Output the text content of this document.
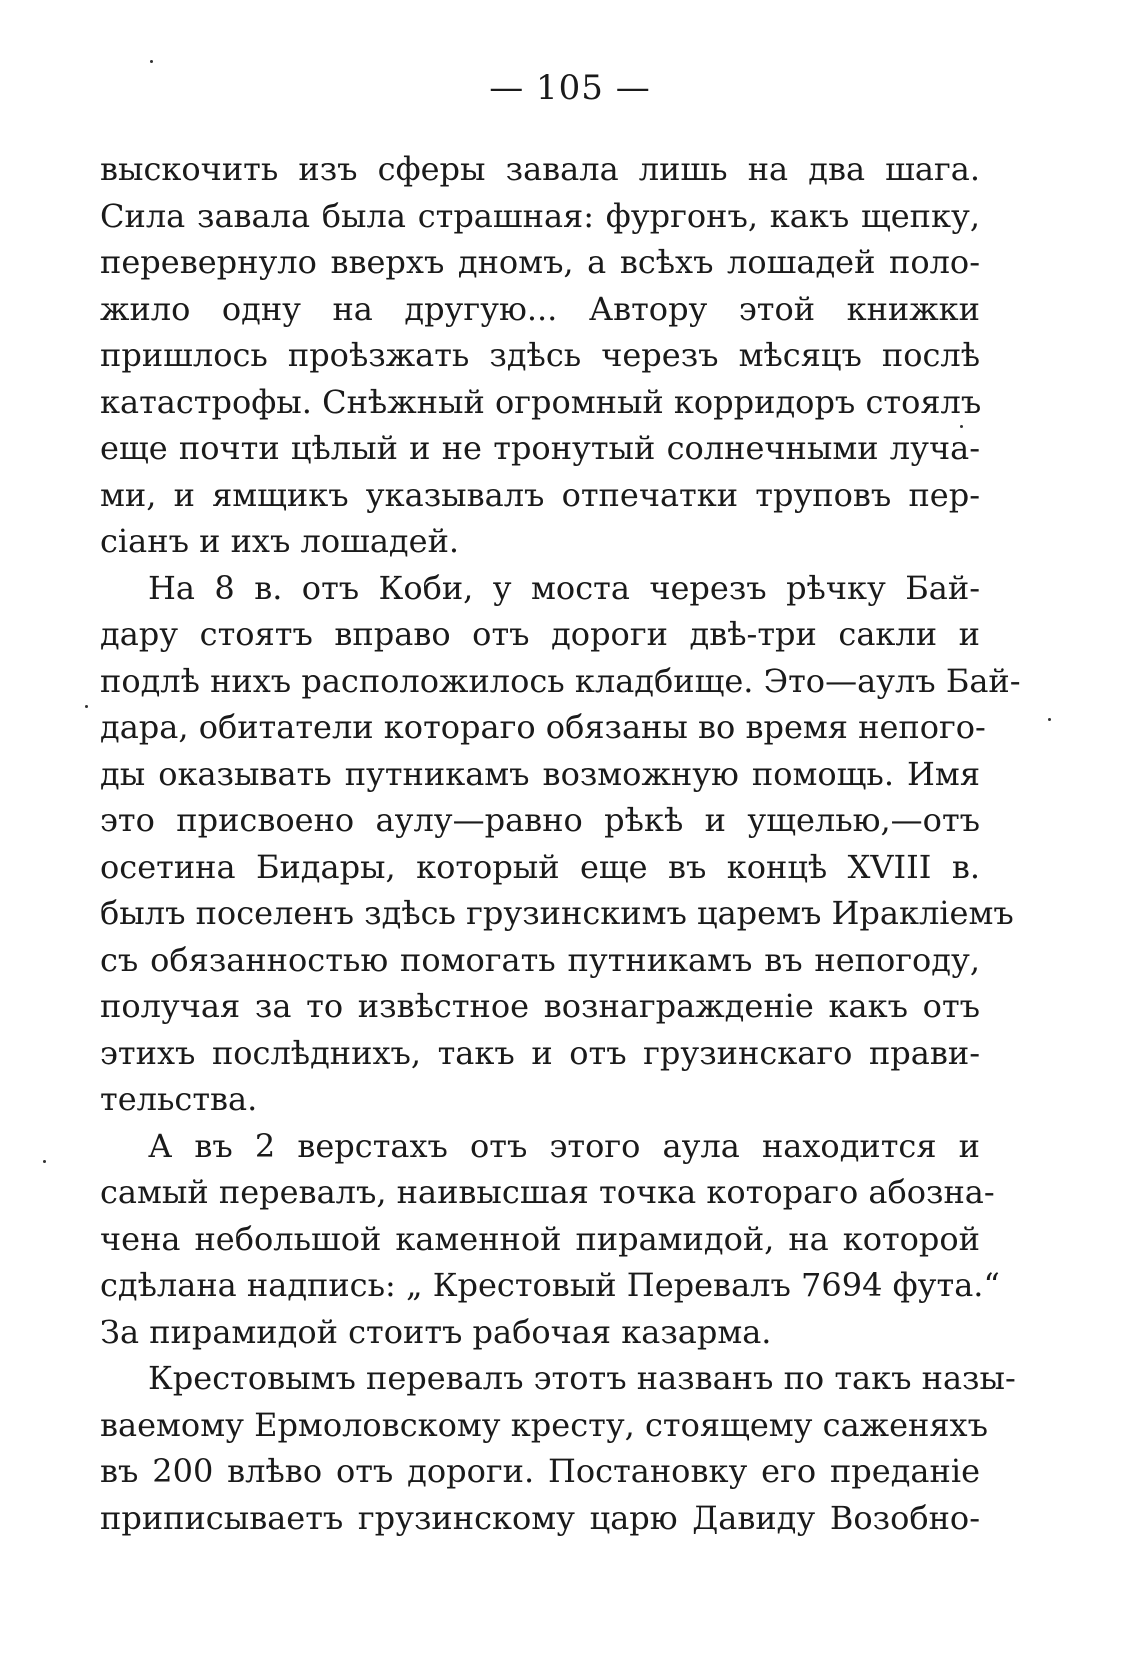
— 105 —
выскочить изъ сферы завала лишь на два шага.
Сила завала была страшная: фургонъ, какъ щепку,
перевернуло вверхъ дномъ, а всѣхъ лошадей поло-
жило одну на другую... Автору этой книжки
пришлось проѣзжать здѣсь черезъ мѣсяцъ послѣ
катастрофы. Снѣжный огромный корридоръ стоялъ
еще почти цѣлый и не тронутый солнечными луча-
ми, и ямщикъ указывалъ отпечатки труповъ пер-
сіанъ и ихъ лошадей.
На 8 в. отъ Коби, у моста черезъ рѣчку Бай-
дару стоятъ вправо отъ дороги двѣ-три сакли и
подлѣ нихъ расположилось кладбище. Это—аулъ Бай-
дара, обитатели котораго обязаны во время непого-
ды оказывать путникамъ возможную помощь. Имя
это присвоено аулу—равно рѣкѣ и ущелью,—отъ
осетина Бидары, который еще въ концѣ XVIII в.
былъ поселенъ здѣсь грузинскимъ царемъ Иракліемъ
съ обязанностью помогать путникамъ въ непогоду,
получая за то извѣстное вознагражденіе какъ отъ
этихъ послѣднихъ, такъ и отъ грузинскаго прави-
тельства.
А въ 2 верстахъ отъ этого аула находится и
самый перевалъ, наивысшая точка котораго абозна-
чена небольшой каменной пирамидой, на которой
сдѣлана надпись: „ Крестовый Перевалъ 7694 фута.“
За пирамидой стоитъ рабочая казарма.
Крестовымъ перевалъ этотъ названъ по такъ назы-
ваемому Ермоловскому кресту, стоящему саженяхъ
въ 200 влѣво отъ дороги. Постановку его преданіе
приписываетъ грузинскому царю Давиду Возобно-
